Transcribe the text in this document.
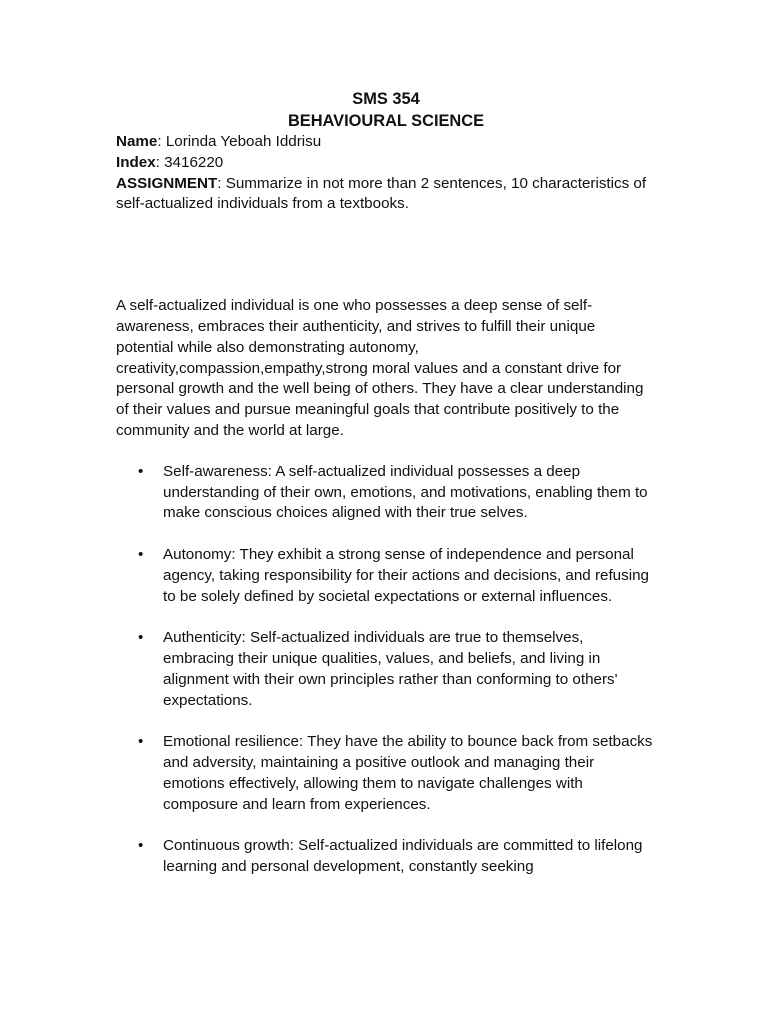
SMS 354

BEHAVIOURAL SCIENCE

Name: Lorinda Yeboah Iddrisu

Index: 3416220

ASSIGNMENT: Summarize in not more than 2 sentences, 10 characteristics of self-actualized individuals from a textbooks.

A self-actualized individual is one who possesses a deep sense of self-awareness, embraces their authenticity, and strives to fulfill their unique potential while also demonstrating autonomy, creativity,compassion,empathy,strong moral values and a constant drive for personal growth and the well being of others. They have a clear understanding of their values and pursue meaningful goals that contribute positively to the community and the world at large.

• Self-awareness: A self-actualized individual possesses a deep understanding of their own, emotions, and motivations, enabling them to make conscious choices aligned with their true selves.
• Autonomy: They exhibit a strong sense of independence and personal agency, taking responsibility for their actions and decisions, and refusing to be solely defined by societal expectations or external influences.
• Authenticity: Self-actualized individuals are true to themselves, embracing their unique qualities, values, and beliefs, and living in alignment with their own principles rather than conforming to others' expectations.
• Emotional resilience: They have the ability to bounce back from setbacks and adversity, maintaining a positive outlook and managing their emotions effectively, allowing them to navigate challenges with composure and learn from experiences.
• Continuous growth: Self-actualized individuals are committed to lifelong learning and personal development, constantly seeking
